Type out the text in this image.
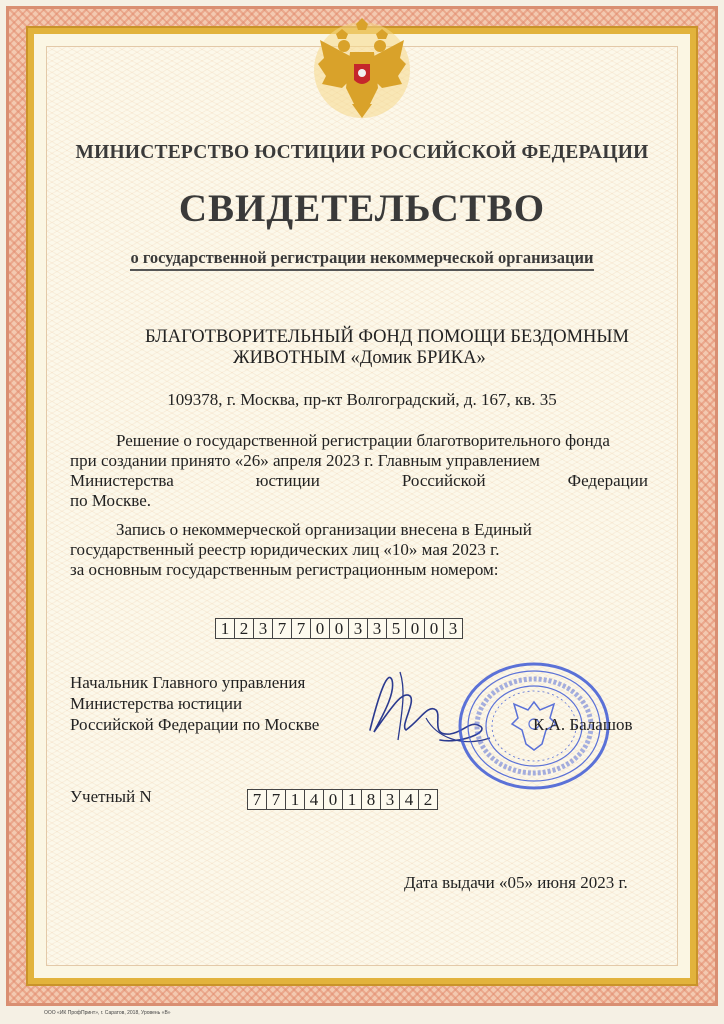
МИНИСТЕРСТВО ЮСТИЦИИ РОССИЙСКОЙ ФЕДЕРАЦИИ
СВИДЕТЕЛЬСТВО
о государственной регистрации некоммерческой организации
БЛАГОТВОРИТЕЛЬНЫЙ ФОНД ПОМОЩИ БЕЗДОМНЫМ
ЖИВОТНЫМ «Домик БРИКА»
109378, г. Москва, пр-кт Волгоградский, д. 167, кв. 35
Решение о государственной регистрации благотворительного фонда
при создании принято «26» апреля 2023 г. Главным управлением
Министерства	юстиции	Российской	Федерации
по Москве.
Запись о некоммерческой организации внесена в Единый
государственный реестр юридических лиц «10» мая 2023 г.
за основным государственным регистрационным номером:
1 2 3 7 7 0 0 3 3 5 0 0 3
Начальник Главного управления
Министерства юстиции
Российской Федерации по Москве	К.А. Балашов
Учетный N	7 7 1 4 0 1 8 3 4 2
Дата выдачи «05» июня 2023 г.
ООО «ИК ПрофПринт», г. Саратов, 2018, Уровень «В»
